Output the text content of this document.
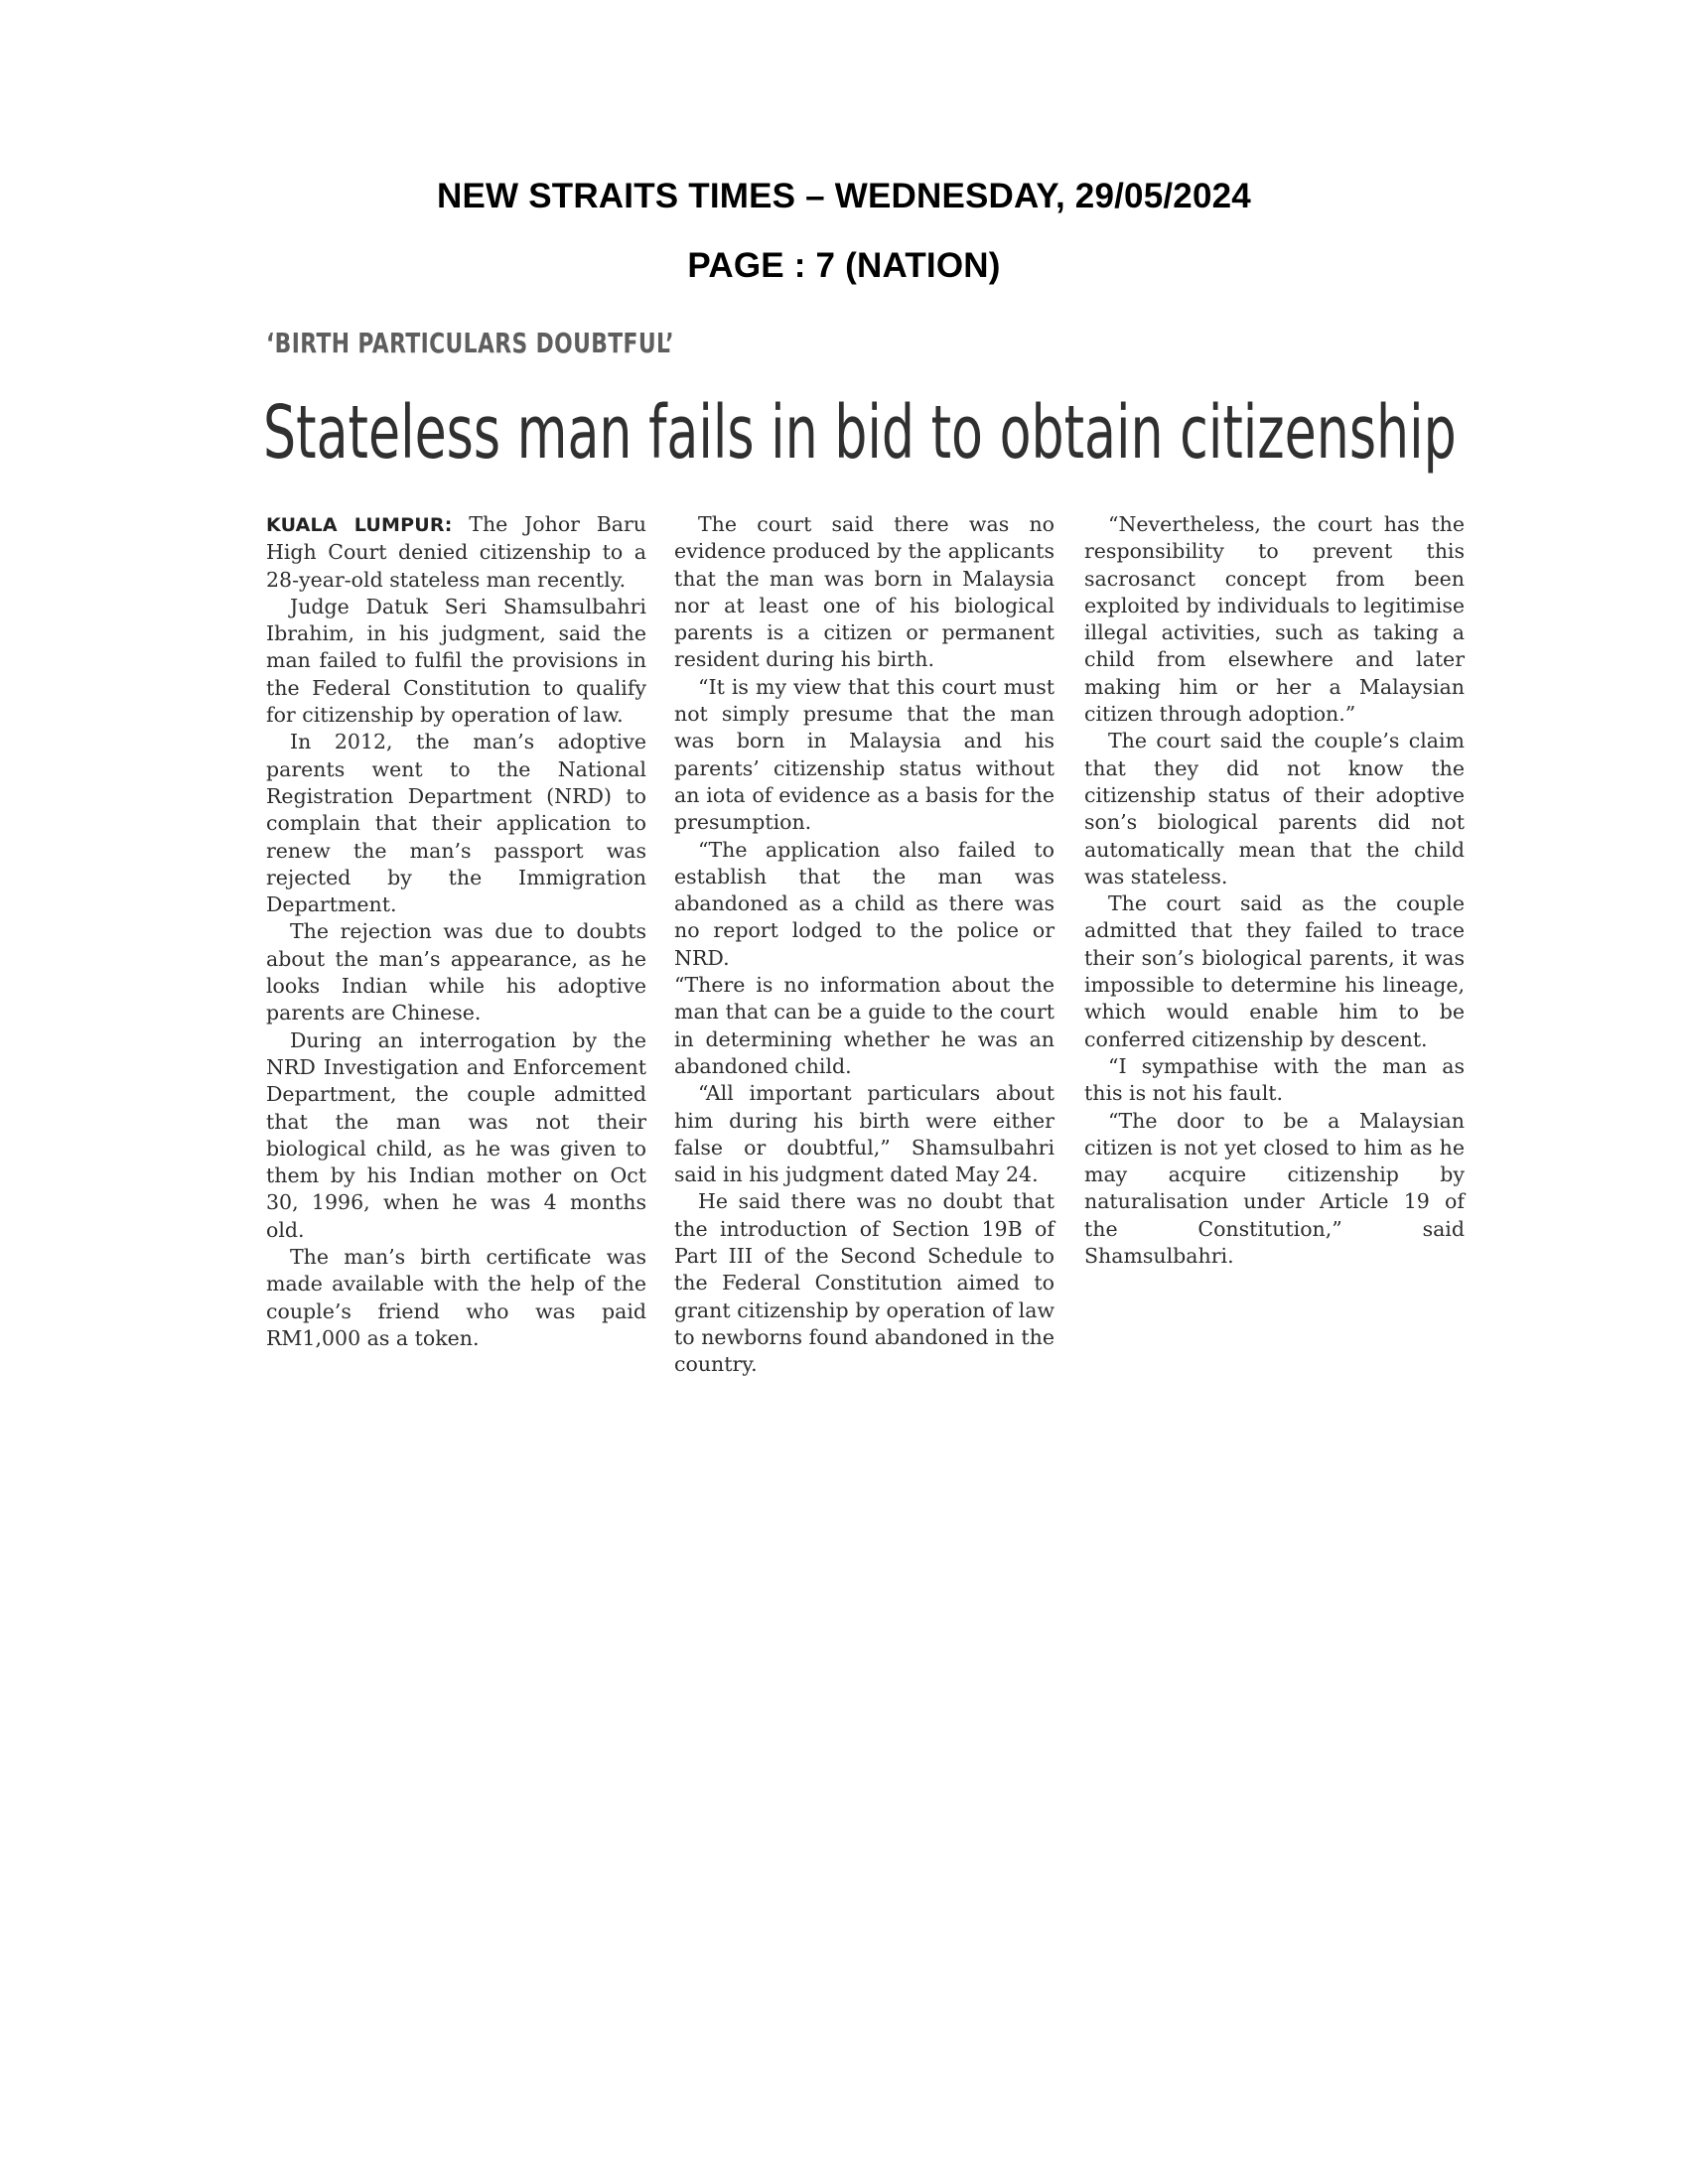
NEW STRAITS TIMES – WEDNESDAY, 29/05/2024
PAGE : 7 (NATION)
‘BIRTH PARTICULARS DOUBTFUL’
Stateless man fails in bid to obtain citizenship

KUALA LUMPUR: The Johor Baru High Court denied citizenship to a 28-year-old stateless man recently.

Judge Datuk Seri Shamsulbahri Ibrahim, in his judgment, said the man failed to fulfil the provisions in the Federal Constitution to qualify for citizenship by operation of law.

In 2012, the man’s adoptive parents went to the National Registration Department (NRD) to complain that their application to renew the man’s passport was rejected by the Immigration Department.

The rejection was due to doubts about the man’s appearance, as he looks Indian while his adoptive parents are Chinese.

During an interrogation by the NRD Investigation and Enforcement Department, the couple admitted that the man was not their biological child, as he was given to them by his Indian mother on Oct 30, 1996, when he was 4 months old.

The man’s birth certificate was made available with the help of the couple’s friend who was paid RM1,000 as a token.

The court said there was no evidence produced by the applicants that the man was born in Malaysia nor at least one of his biological parents is a citizen or permanent resident during his birth.

“It is my view that this court must not simply presume that the man was born in Malaysia and his parents’ citizenship status without an iota of evidence as a basis for the presumption.

“The application also failed to establish that the man was abandoned as a child as there was no report lodged to the police or NRD.

“There is no information about the man that can be a guide to the court in determining whether he was an abandoned child.

“All important particulars about him during his birth were either false or doubtful,” Shamsulbahri said in his judgment dated May 24.

He said there was no doubt that the introduction of Section 19B of Part III of the Second Schedule to the Federal Constitution aimed to grant citizenship by operation of law to newborns found abandoned in the country.

“Nevertheless, the court has the responsibility to prevent this sacrosanct concept from been exploited by individuals to legitimise illegal activities, such as taking a child from elsewhere and later making him or her a Malaysian citizen through adoption.”

The court said the couple’s claim that they did not know the citizenship status of their adoptive son’s biological parents did not automatically mean that the child was stateless.

The court said as the couple admitted that they failed to trace their son’s biological parents, it was impossible to determine his lineage, which would enable him to be conferred citizenship by descent.

“I sympathise with the man as this is not his fault.

“The door to be a Malaysian citizen is not yet closed to him as he may acquire citizenship by naturalisation under Article 19 of the Constitution,” said Shamsulbahri.
